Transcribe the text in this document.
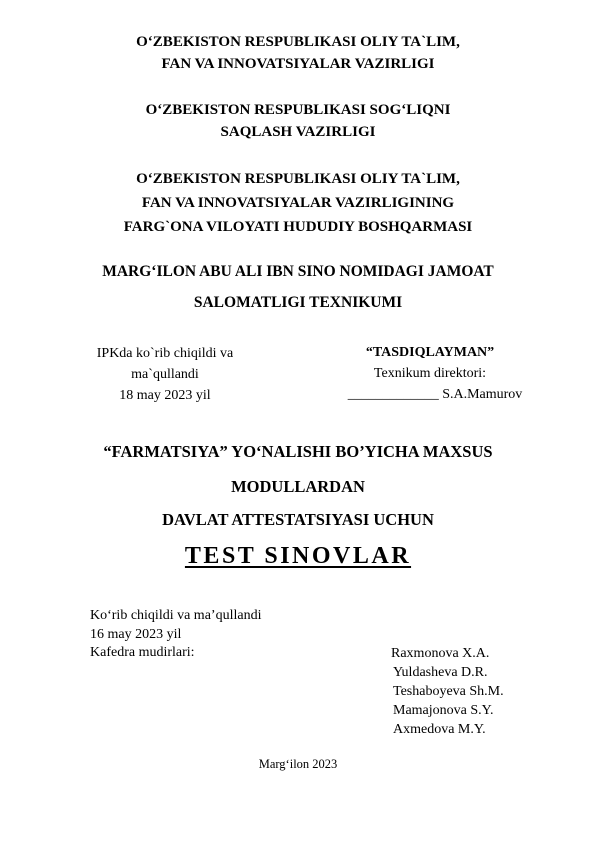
O‘ZBEKISTON RESPUBLIKASI OLIY TA`LIM,
FAN VA INNOVATSIYALAR VAZIRLIGI
O‘ZBEKISTON RESPUBLIKASI SOG‘LIQNI
SAQLASH VAZIRLIGI
O‘ZBEKISTON RESPUBLIKASI OLIY TA`LIM,
FAN VA INNOVATSIYALAR VAZIRLIGINING
FARG`ONA VILOYATI HUDUDIY BOSHQARMASI
MARG‘ILON ABU ALI IBN SINO NOMIDAGI JAMOAT
SALOMATLIGI TEXNIKUMI
IPKda ko`rib chiqildi va
ma`qullandi
18 may 2023 yil
“TASDIQLAYMAN”
Texnikum direktori:
_____________ S.A.Mamurov
“FARMATSIYA” YO‘NALISHI BO’YICHA MAXSUS
MODULLARDAN
DAVLAT ATTESTATSIYASI UCHUN
TEST SINOVLAR
Ko‘rib chiqildi va ma’qullandi
16 may 2023 yil
Kafedra mudirlari:	Raxmonova X.A.
Yuldasheva D.R.
Teshaboyeva Sh.M.
Mamajonova S.Y.
Axmedova M.Y.
Marg‘ilon 2023
